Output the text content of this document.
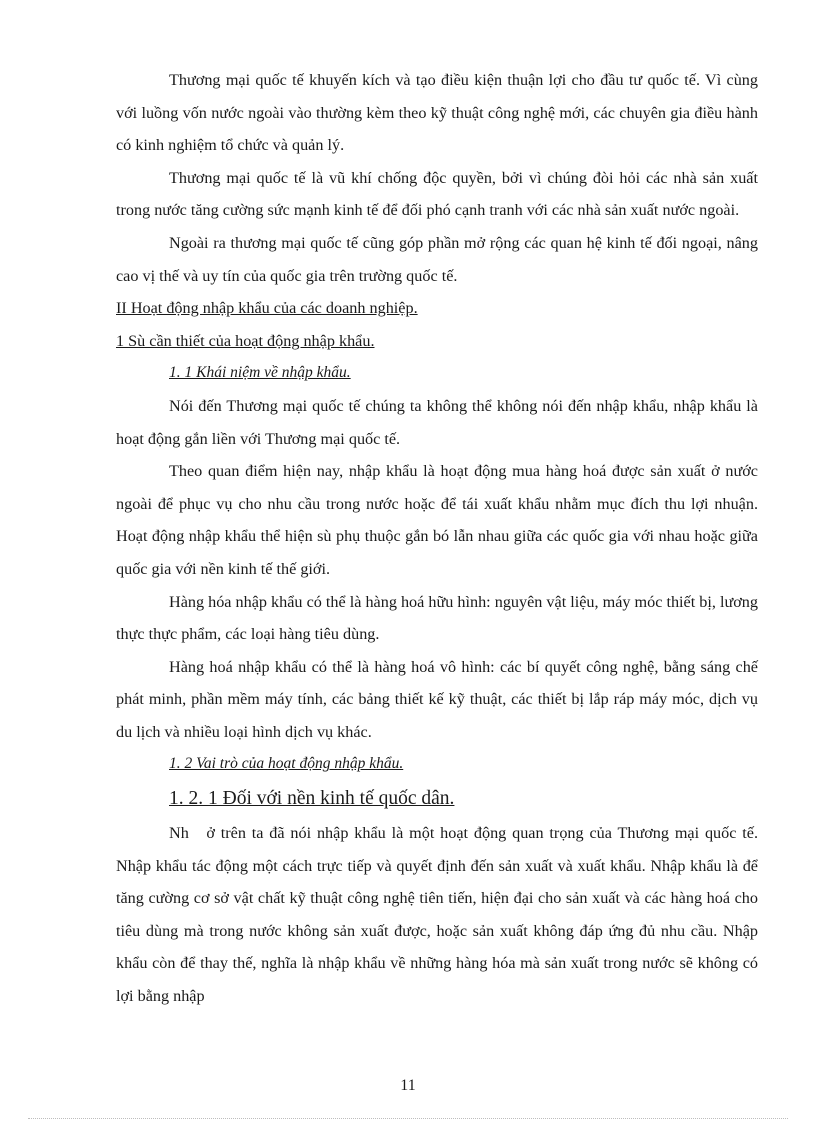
Thương mại quốc tế khuyến kích và tạo điều kiện thuận lợi cho đầu tư quốc tế. Vì cùng với luồng vốn nước ngoài vào thường kèm theo kỹ thuật công nghệ mới, các chuyên gia điều hành có kinh nghiệm tổ chức và quản lý.

Thương mại quốc tế là vũ khí chống độc quyền, bởi vì chúng đòi hỏi các nhà sản xuất trong nước tăng cường sức mạnh kinh tế để đối phó cạnh tranh với các nhà sản xuất nước ngoài.

Ngoài ra thương mại quốc tế cũng góp phần mở rộng các quan hệ kinh tế đối ngoại, nâng cao vị thế và uy tín của quốc gia trên trường quốc tế.

II Hoạt động nhập khẩu của các doanh nghiệp.

1 Sù cần thiết của hoạt động nhập khẩu.

1. 1 Khái niệm về nhập khẩu.

Nói đến Thương mại quốc tế chúng ta không thể không nói đến nhập khẩu, nhập khẩu là hoạt động gắn liền với Thương mại quốc tế.

Theo quan điểm hiện nay, nhập khẩu là hoạt động mua hàng hoá được sản xuất ở nước ngoài để phục vụ cho nhu cầu trong nước hoặc để tái xuất khẩu nhằm mục đích thu lợi nhuận. Hoạt động nhập khẩu thể hiện sù phụ thuộc gắn bó lẫn nhau giữa các quốc gia với nhau hoặc giữa quốc gia với nền kinh tế thế giới.

Hàng hóa nhập khẩu có thể là hàng hoá hữu hình: nguyên vật liệu, máy móc thiết bị, lương thực thực phẩm, các loại hàng tiêu dùng.

Hàng hoá nhập khẩu có thể là hàng hoá vô hình: các bí quyết công nghệ, bằng sáng chế phát minh, phần mềm máy tính, các bảng thiết kế kỹ thuật, các thiết bị lắp ráp máy móc, dịch vụ du lịch và nhiều loại hình dịch vụ khác.

1. 2 Vai trò của hoạt động nhập khẩu.

1. 2. 1 Đối với nền kinh tế quốc dân.

Nh   ở trên ta đã nói nhập khẩu là một hoạt động quan trọng của Thương mại quốc tế. Nhập khẩu tác động một cách trực tiếp và quyết định đến sản xuất và xuất khẩu. Nhập khẩu là để tăng cường cơ sở vật chất kỹ thuật công nghệ tiên tiến, hiện đại cho sản xuất và các hàng hoá cho tiêu dùng mà trong nước không sản xuất được, hoặc sản xuất không đáp ứng đủ nhu cầu. Nhập khẩu còn để thay thế, nghĩa là nhập khẩu về những hàng hóa mà sản xuất trong nước sẽ không có lợi bằng nhập

11
